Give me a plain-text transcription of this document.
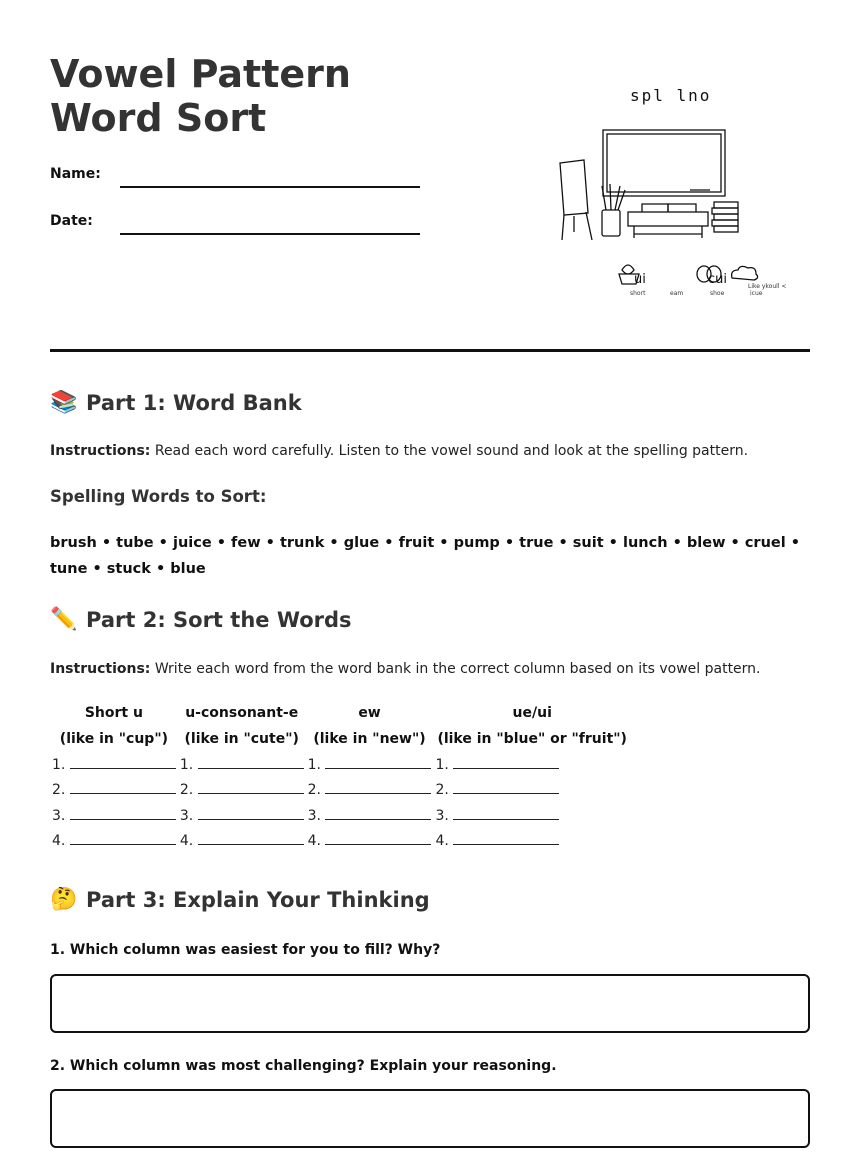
Vowel Pattern Word Sort
Name:
Date:
spl lno
ui	cui
short	eam	shoe	icue
Like ykoull <
📚 Part 1: Word Bank
Instructions: Read each word carefully. Listen to the vowel sound and look at the spelling pattern.
Spelling Words to Sort:
brush • tube • juice • few • trunk • glue • fruit • pump • true • suit • lunch • blew • cruel • tune • stuck • blue
✏️ Part 2: Sort the Words
Instructions: Write each word from the word bank in the correct column based on its vowel pattern.
Short u	u-consonant-e	ew	ue/ui
(like in "cup")	(like in "cute")	(like in "new")	(like in "blue" or "fruit")
1.	1.	1.	1.
2.	2.	2.	2.
3.	3.	3.	3.
4.	4.	4.	4.
🤔 Part 3: Explain Your Thinking
1. Which column was easiest for you to fill? Why?
2. Which column was most challenging? Explain your reasoning.
